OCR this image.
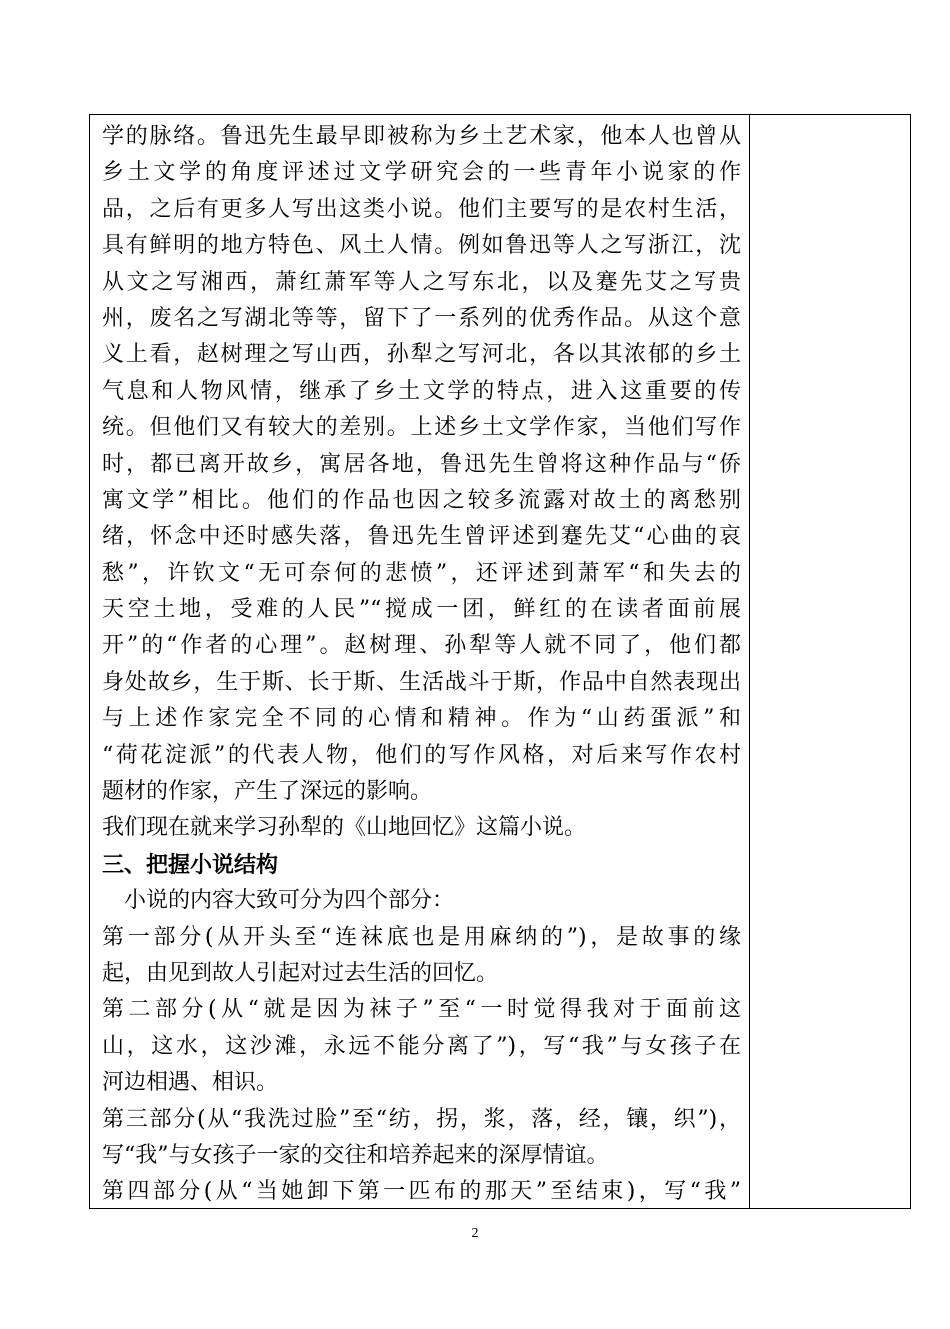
学的脉络。鲁迅先生最早即被称为乡土艺术家，他本人也曾从
乡土文学的角度评述过文学研究会的一些青年小说家的作
品，之后有更多人写出这类小说。他们主要写的是农村生活，
具有鲜明的地方特色、风土人情。例如鲁迅等人之写浙江，沈
从文之写湘西，萧红萧军等人之写东北，以及蹇先艾之写贵
州，废名之写湖北等等，留下了一系列的优秀作品。从这个意
义上看，赵树理之写山西，孙犁之写河北，各以其浓郁的乡土
气息和人物风情，继承了乡土文学的特点，进入这重要的传
统。但他们又有较大的差别。上述乡土文学作家，当他们写作
时，都已离开故乡，寓居各地，鲁迅先生曾将这种作品与“侨
寓文学”相比。他们的作品也因之较多流露对故土的离愁别
绪，怀念中还时感失落，鲁迅先生曾评述到蹇先艾“心曲的哀
愁”，许钦文“无可奈何的悲愤”，还评述到萧军“和失去的
天空土地，受难的人民”“搅成一团，鲜红的在读者面前展
开”的“作者的心理”。赵树理、孙犁等人就不同了，他们都
身处故乡，生于斯、长于斯、生活战斗于斯，作品中自然表现出
与上述作家完全不同的心情和精神。作为“山药蛋派”和
“荷花淀派”的代表人物，他们的写作风格，对后来写作农村
题材的作家，产生了深远的影响。
我们现在就来学习孙犁的《山地回忆》这篇小说。
三、把握小说结构
小说的内容大致可分为四个部分：
第一部分(从开头至“连袜底也是用麻纳的”)，是故事的缘
起，由见到故人引起对过去生活的回忆。
第二部分(从“就是因为袜子”至“一时觉得我对于面前这
山，这水，这沙滩，永远不能分离了”)，写“我”与女孩子在
河边相遇、相识。
第三部分(从“我洗过脸”至“纺，拐，浆，落，经，镶，织”)，
写“我”与女孩子一家的交往和培养起来的深厚情谊。
第四部分(从“当她卸下第一匹布的那天”至结束)，写“我”
2
